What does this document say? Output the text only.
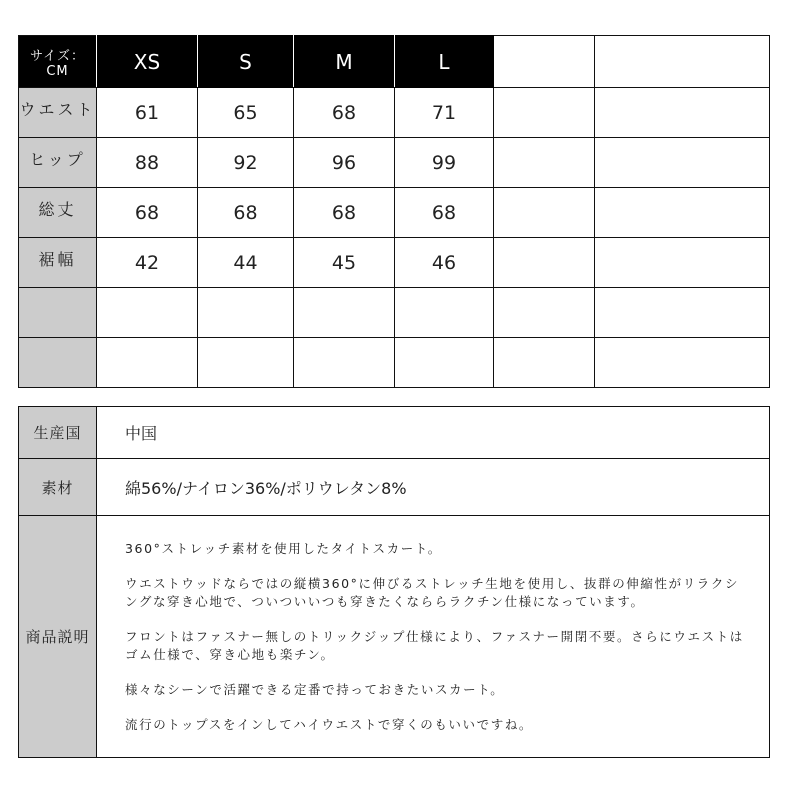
サイズ：CM	XS	S	M	L		
ウエスト	61	65	68	71		
ヒップ	88	92	96	99		
総丈	68	68	68	68		
裾幅	42	44	45	46		

生産国	中国
素材	綿56%/ナイロン36%/ポリウレタン8%
商品説明	360°ストレッチ素材を使用したタイトスカート。

ウエストウッドならではの縦横360°に伸びるストレッチ生地を使用し、抜群の伸縮性がリラクシングな穿き心地で、ついついいつも穿きたくなららラクチン仕様になっています。

フロントはファスナー無しのトリックジップ仕様により、ファスナー開閉不要。さらにウエストはゴム仕様で、穿き心地も楽チン。

様々なシーンで活躍できる定番で持っておきたいスカート。

流行のトップスをインしてハイウエストで穿くのもいいですね。
